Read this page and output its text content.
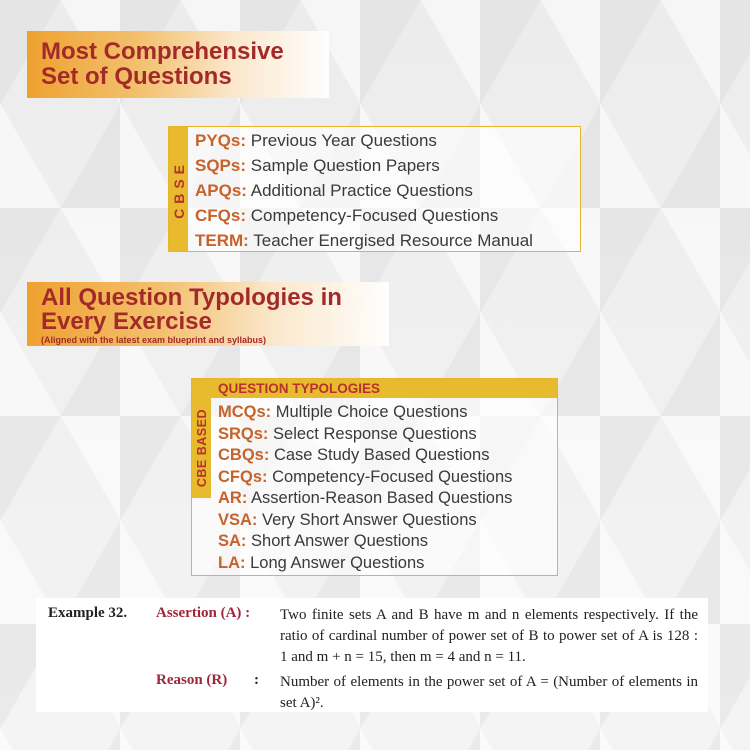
Most Comprehensive
Set of Questions
CBSE
PYQs: Previous Year Questions
SQPs: Sample Question Papers
APQs: Additional Practice Questions
CFQs: Competency-Focused Questions
TERM: Teacher Energised Resource Manual
All Question Typologies in
Every Exercise
(Aligned with the latest exam blueprint and syllabus)
QUESTION TYPOLOGIES
CBE BASED MCQs: Multiple Choice Questions
SRQs: Select Response Questions
CBQs: Case Study Based Questions
CFQs: Competency-Focused Questions
AR: Assertion-Reason Based Questions
VSA: Very Short Answer Questions
SA: Short Answer Questions
LA: Long Answer Questions
Example 32. Assertion (A) : Two finite sets A and B have m and n elements respectively. If the ratio of cardinal number of power set of B to power set of A is 128 : 1 and m + n = 15, then m = 4 and n = 11.
Reason (R) : Number of elements in the power set of A = (Number of elements in set A)².
